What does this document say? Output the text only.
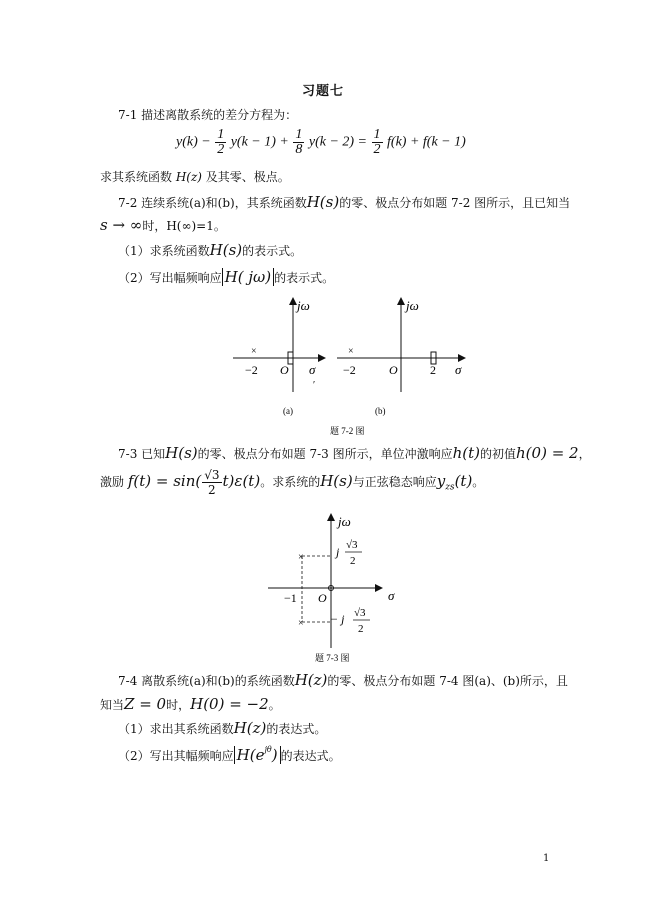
习题七
7-1 描述离散系统的差分方程为：
$y(k) - \frac{1}{2} y(k - 1) + \frac{1}{8} y(k - 2) = \frac{1}{2} f(k) + f(k - 1)$
求其系统函数 H(z) 及其零、极点。
7-2 连续系统(a)和(b)，其系统函数H(s)的零、极点分布如题 7-2 图所示，且已知当
s → ∞时，H(∞)=1。
（1）求系统函数H(s)的表示式。
（2）写出幅频响应 H( jω) 的表示式。
jω
σ
×
−2 O
′
jω
σ
×
−2	O	2
(a)	(b)
题 7-2 图
7-3 已知H(s)的零、极点分布如题 7-3 图所示，单位冲激响应h(t)的初值h(0) = 2，
激励 $f(t) = \sin( \frac{√3}{2} t)\varepsilon(t)$。求系统的H(s)与正弦稳态响应$y_{zs}(t)$。
jω
σ
×
×
−1 O
j √3
2
− j √3
2
题 7-3 图
7-4 离散系统(a)和(b)的系统函数H(z)的零、极点分布如题 7-4 图(a)、(b)所示，且
知当Z = 0时，H(0) = −2。
（1）求出其系统函数H(z)的表达式。
（2）写出其幅频响应 $H(e^{j\theta})$ 的表达式。
1
